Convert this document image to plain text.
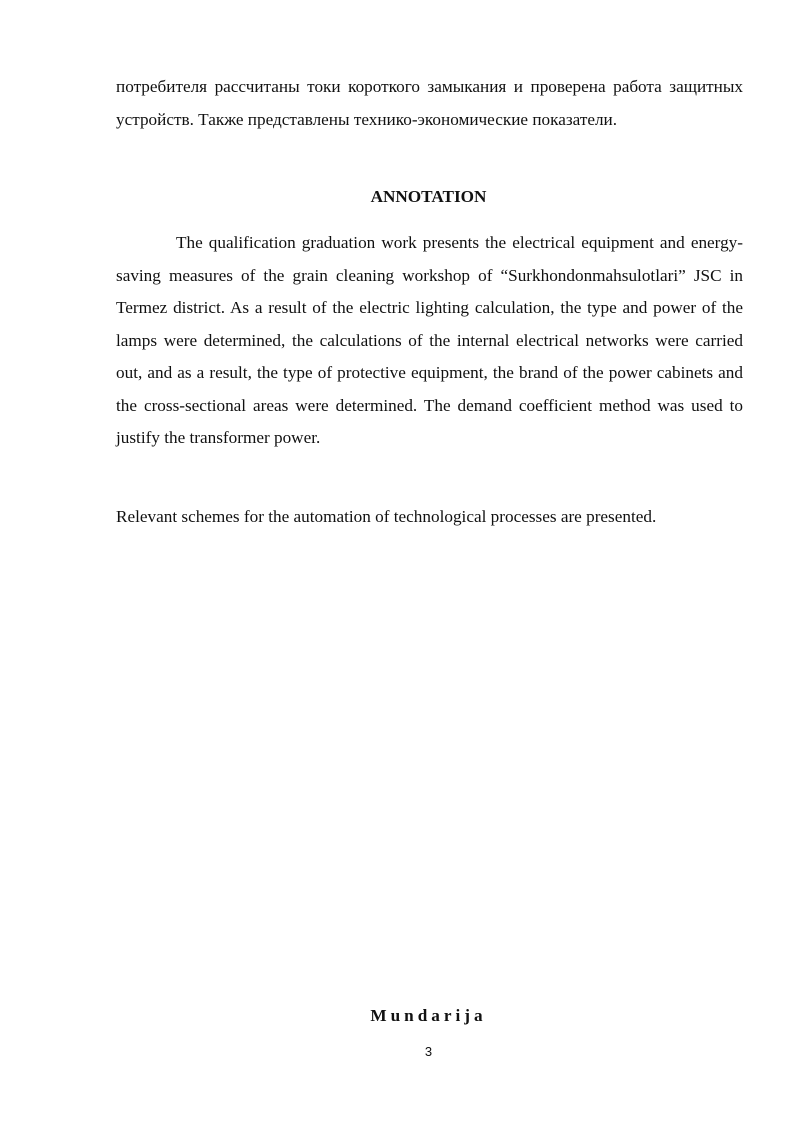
потребителя рассчитаны токи короткого замыкания и проверена работа защитных устройств. Также представлены технико-экономические показатели.

ANNOTATION

The qualification graduation work presents the electrical equipment and energy-saving measures of the grain cleaning workshop of “Surkhondonmahsulotlari” JSC in Termez district. As a result of the electric lighting calculation, the type and power of the lamps were determined, the calculations of the internal electrical networks were carried out, and as a result, the type of protective equipment, the brand of the power cabinets and the cross-sectional areas were determined. The demand coefficient method was used to justify the transformer power.

Relevant schemes for the automation of technological processes are presented.

Mundarija
3
